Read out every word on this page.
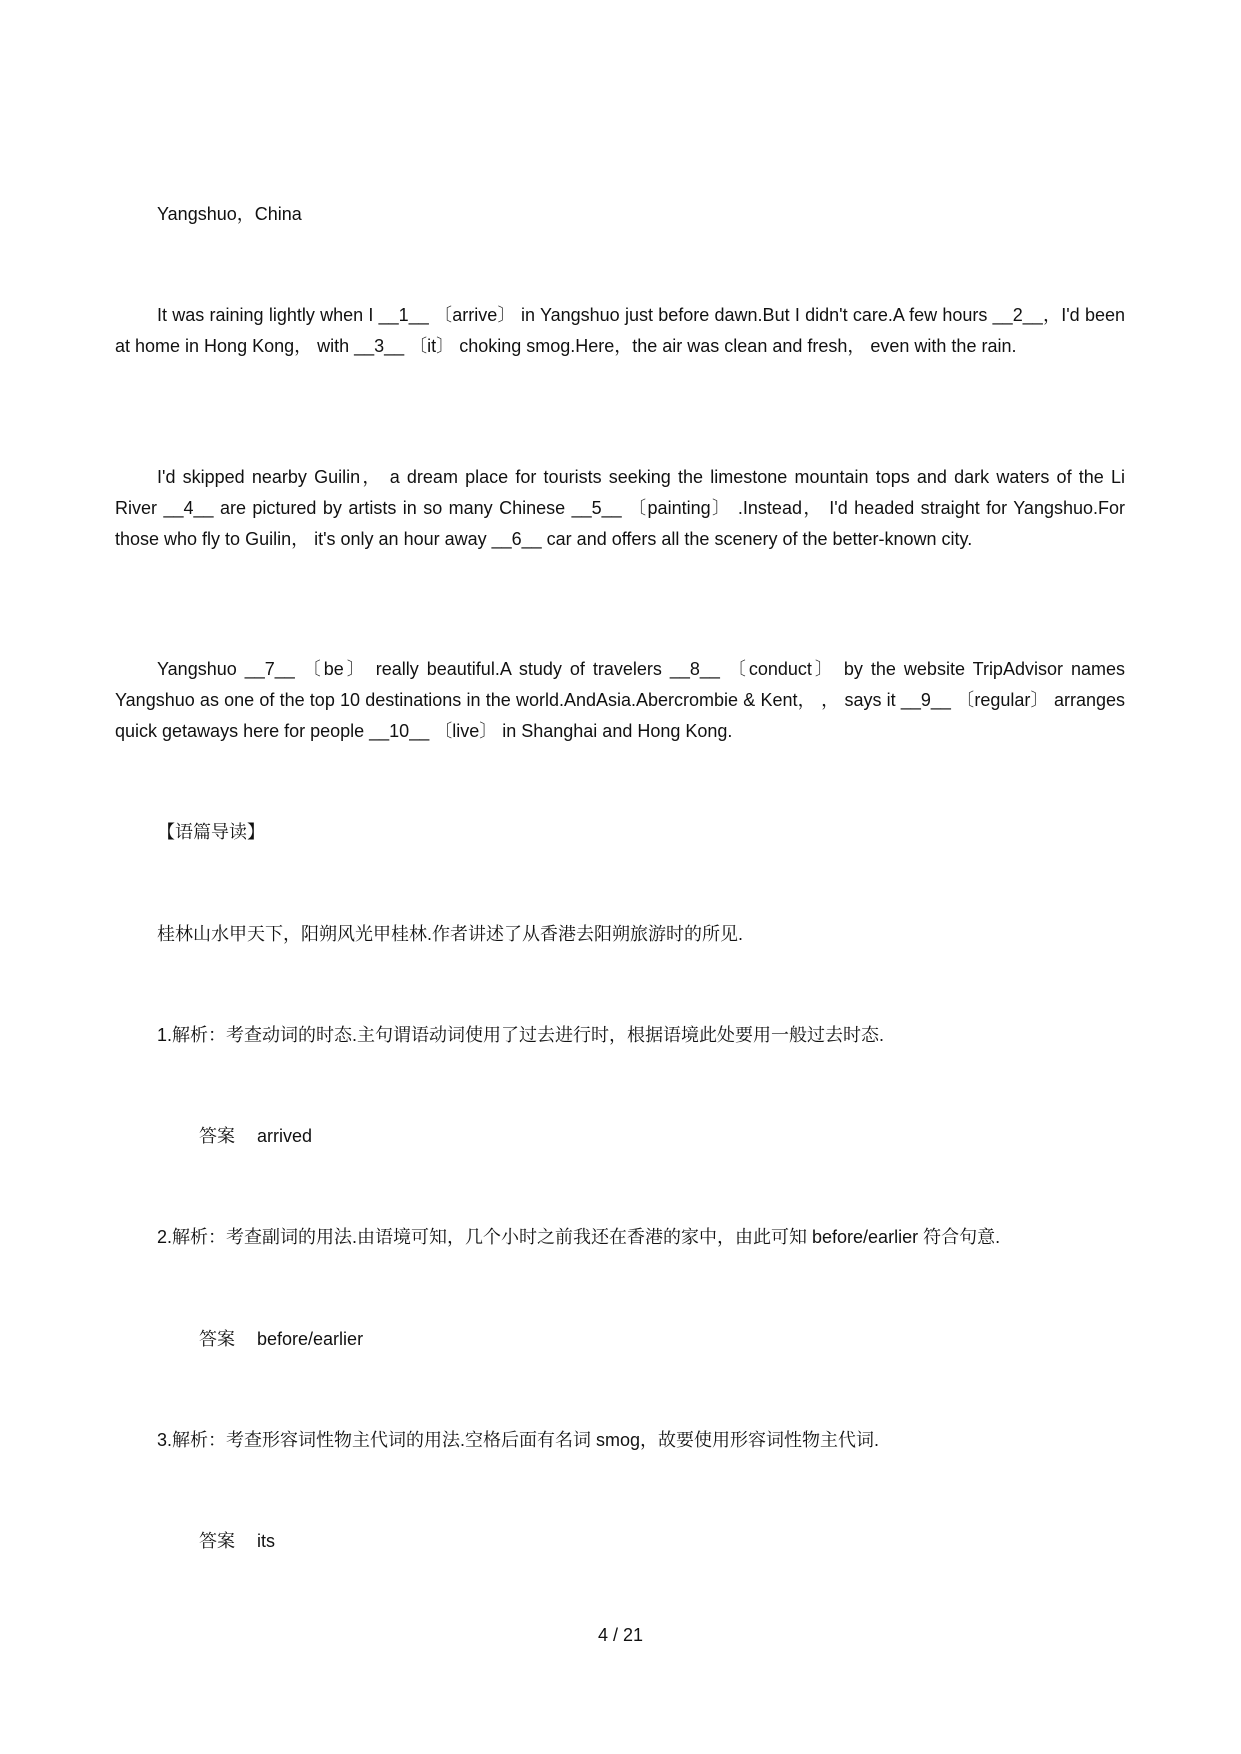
Yangshuo，China

It was raining lightly when I __1__ 〔arrive〕 in Yangshuo just before dawn.But I didn't care.A few hours __2__，I'd been at home in Hong Kong， with __3__ 〔it〕 choking smog.Here，the air was clean and fresh， even with the rain.

I'd skipped nearby Guilin， a dream place for tourists seeking the limestone mountain tops and dark waters of the Li River __4__ are pictured by artists in so many Chinese __5__ 〔painting〕 .Instead， I'd headed straight for Yangshuo.For those who fly to Guilin， it's only an hour away __6__ car and offers all the scenery of the better-known city.

Yangshuo __7__ 〔be〕 really beautiful.A study of travelers __8__ 〔conduct〕 by the website TripAdvisor names Yangshuo as one of the top 10 destinations in the world.AndAsia.Abercrombie & Kent， ， says it __9__ 〔regular〕 arranges quick getaways here for people __10__ 〔live〕 in Shanghai and Hong Kong.

【语篇导读】

桂林山水甲天下，阳朔风光甲桂林.作者讲述了从香港去阳朔旅游时的所见.

1.解析：考查动词的时态.主句谓语动词使用了过去进行时，根据语境此处要用一般过去时态.

答案 arrived

2.解析：考查副词的用法.由语境可知，几个小时之前我还在香港的家中，由此可知 before/earlier 符合句意.

答案 before/earlier

3.解析：考查形容词性物主代词的用法.空格后面有名词 smog，故要使用形容词性物主代词.

答案 its

4 / 21
